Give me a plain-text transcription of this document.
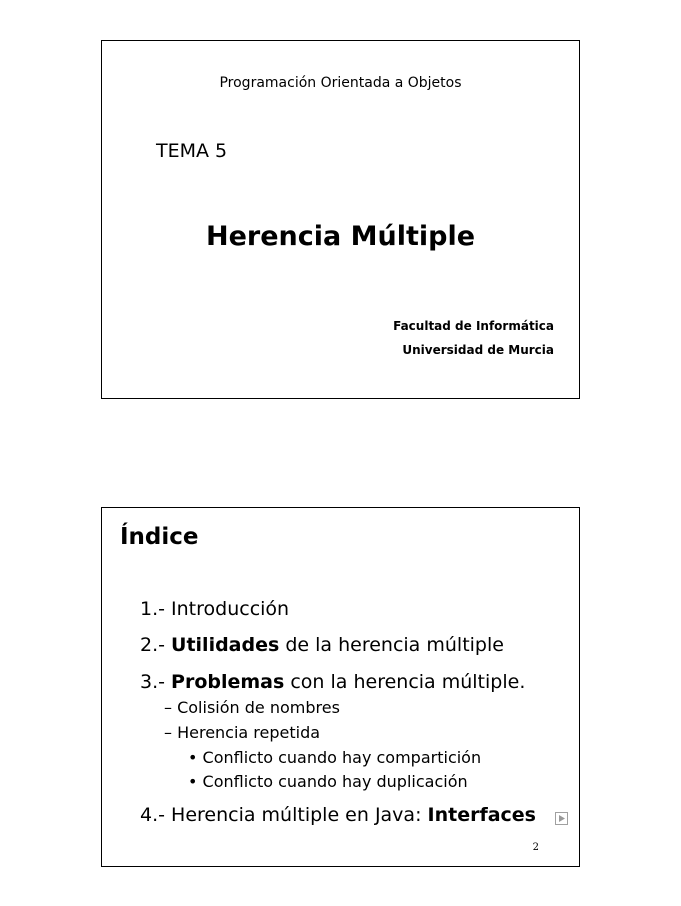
Programación Orientada a Objetos
TEMA 5
Herencia Múltiple
Facultad de Informática
Universidad de Murcia
Índice
1.- Introducción
2.- Utilidades de la herencia múltiple
3.- Problemas con la herencia múltiple.
– Colisión de nombres
– Herencia repetida
• Conflicto cuando hay compartición
• Conflicto cuando hay duplicación
4.- Herencia múltiple en Java: Interfaces
2
